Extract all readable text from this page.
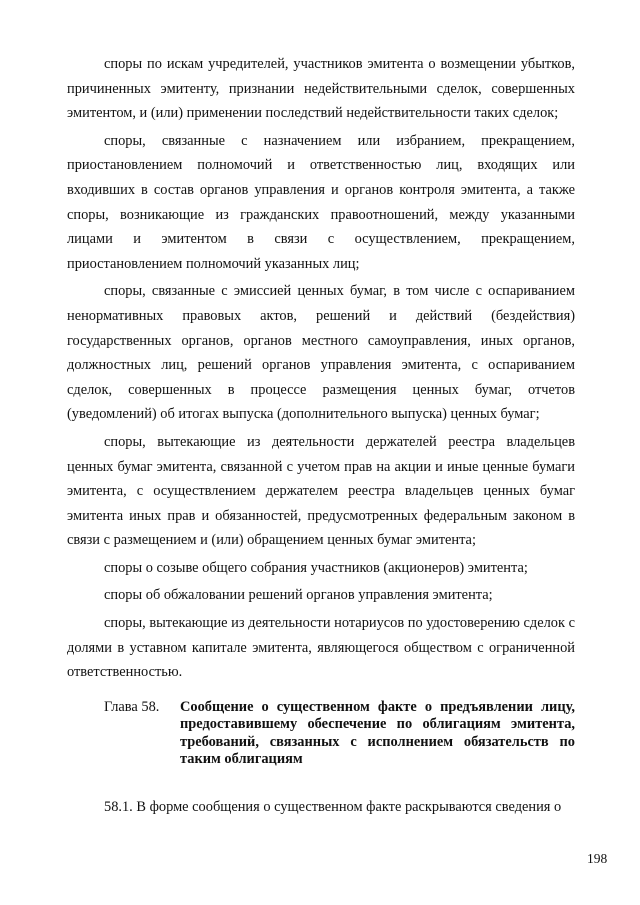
споры по искам учредителей, участников эмитента о возмещении убытков, причиненных эмитенту, признании недействительными сделок, совершенных эмитентом, и (или) применении последствий недействительности таких сделок;

споры, связанные с назначением или избранием, прекращением, приостановлением полномочий и ответственностью лиц, входящих или входивших в состав органов управления и органов контроля эмитента, а также споры, возникающие из гражданских правоотношений, между указанными лицами и эмитентом в связи с осуществлением, прекращением, приостановлением полномочий указанных лиц;

споры, связанные с эмиссией ценных бумаг, в том числе с оспариванием ненормативных правовых актов, решений и действий (бездействия) государственных органов, органов местного самоуправления, иных органов, должностных лиц, решений органов управления эмитента, с оспариванием сделок, совершенных в процессе размещения ценных бумаг, отчетов (уведомлений) об итогах выпуска (дополнительного выпуска) ценных бумаг;

споры, вытекающие из деятельности держателей реестра владельцев ценных бумаг эмитента, связанной с учетом прав на акции и иные ценные бумаги эмитента, с осуществлением держателем реестра владельцев ценных бумаг эмитента иных прав и обязанностей, предусмотренных федеральным законом в связи с размещением и (или) обращением ценных бумаг эмитента;

споры о созыве общего собрания участников (акционеров) эмитента;

споры об обжаловании решений органов управления эмитента;

споры, вытекающие из деятельности нотариусов по удостоверению сделок с долями в уставном капитале эмитента, являющегося обществом с ограниченной ответственностью.

Глава 58.	Сообщение о существенном факте о предъявлении лицу, предоставившему обеспечение по облигациям эмитента, требований, связанных с исполнением обязательств по таким облигациям
58.1. В форме сообщения о существенном факте раскрываются сведения о
198
